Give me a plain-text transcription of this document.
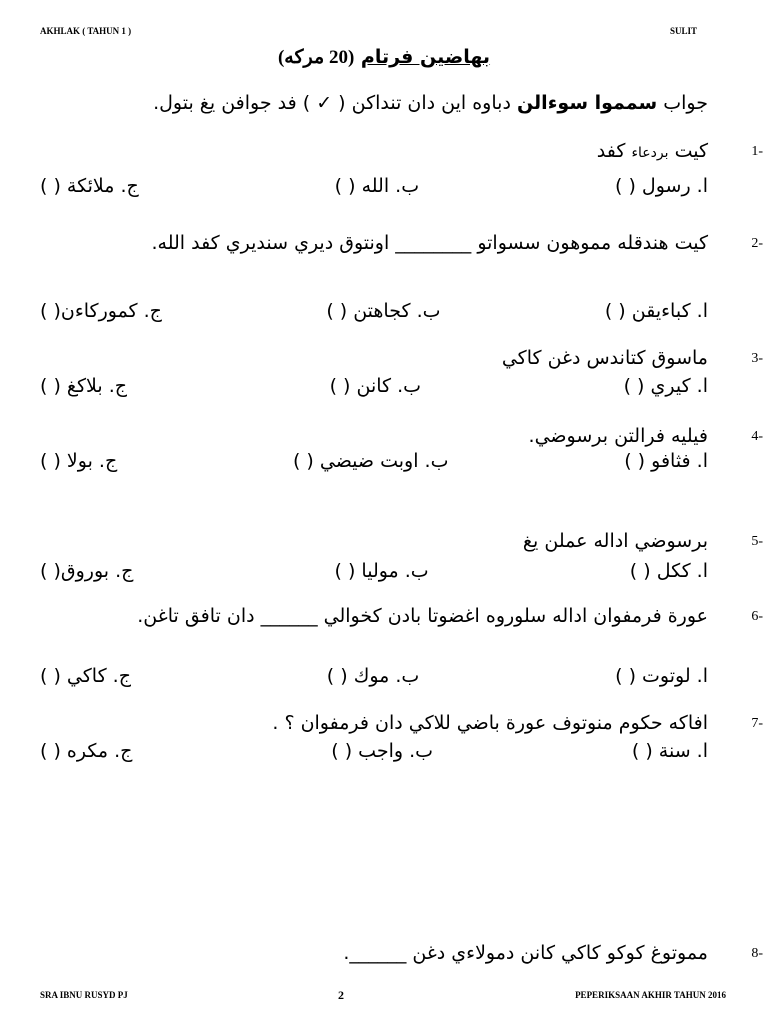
AKHLAK ( TAHUN 1 )	SULIT
بهاضين فرتام (20 مركه)
جواب سمموا سوءالن دباوه اين دان تنداكن ( ✓ ) فد جوافن يغ بتول.
-1
كيت بردعاء كفد
ا. رسول ( )
ب. الله ( )
ج. ملائكة ( )
-2
كيت هندقله مموهون سسواتو ________ اونتوق ديري سنديري كفد الله.
ا. كباءيقن ( )
ب. كجاهتن ( )
ج. كموركاءن( )
-3
ماسوق كتاندس دغن كاكي
ا. كيري ( )
ب. كانن ( )
ج. بلاكغ ( )
-4
فيليه فرالتن برسوضي.
ا. فثافو ( )
ب. اوبت ضيضي ( )
ج. بولا ( )
-5
برسوضي اداله عملن يغ
ا. ككل ( )
ب. موليا ( )
ج. بوروق( )
-6
عورة فرمفوان اداله سلوروه اغضوتا بادن كخوالي ______ دان تافق تاغن.
ا. لوتوت ( )
ب. موك ( )
ج. كاكي ( )
-7
افاكه حكوم منوتوف عورة باضي للاكي دان فرمفوان ؟ .
ا. سنة ( )
ب. واجب ( )
ج. مكره ( )
-8
مموتوغ كوكو كاكي كانن دمولاءي دغن ______.
SRA IBNU RUSYD PJ	2	PEPERIKSAAN AKHIR TAHUN 2016
